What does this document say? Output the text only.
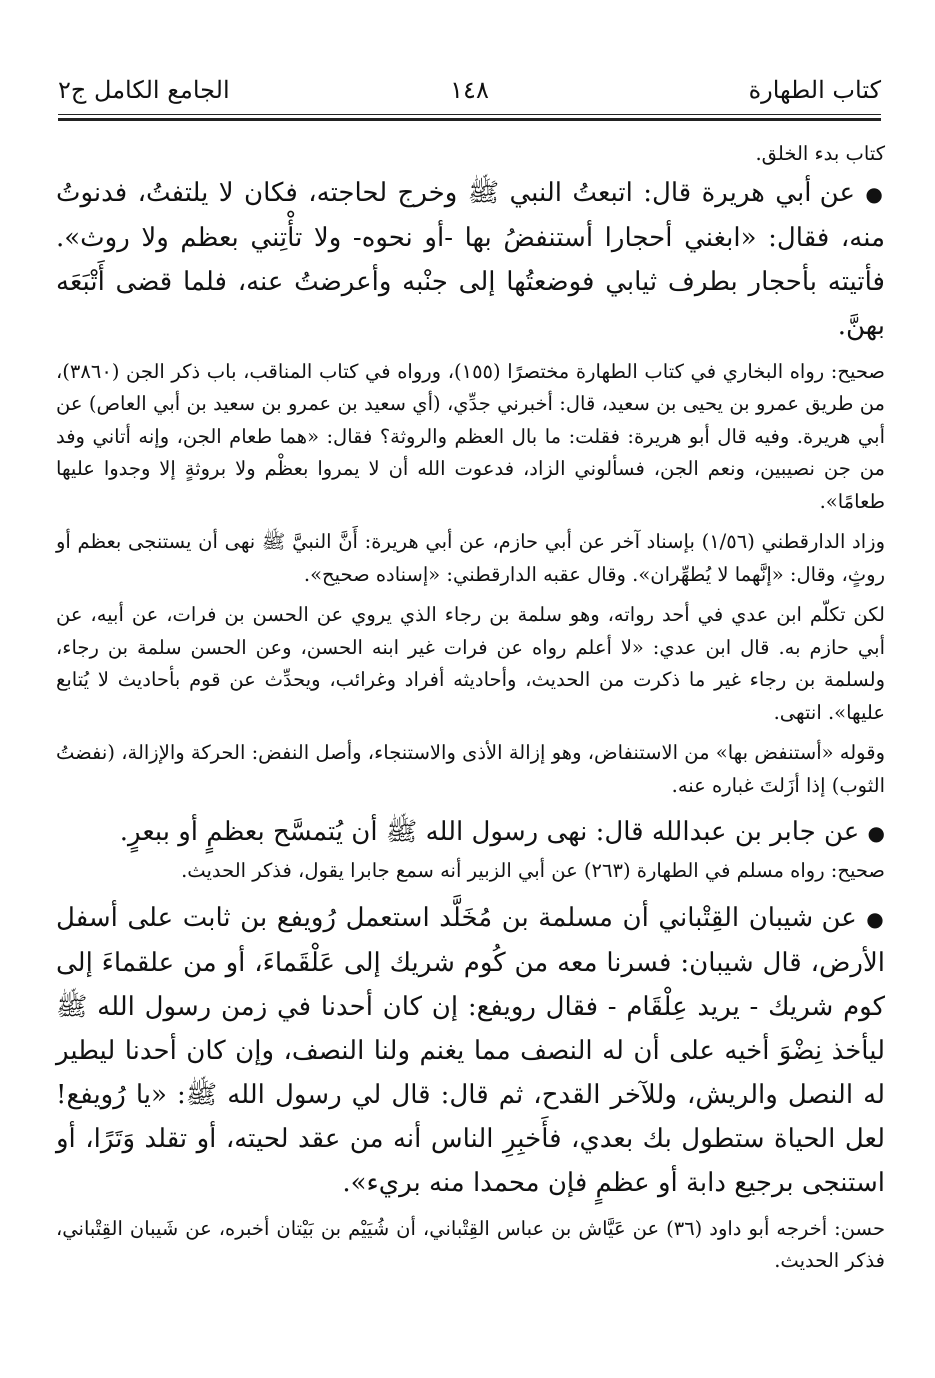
كتاب الطهارة
١٤٨
الجامع الكامل ج٢

كتاب بدء الخلق.

● عن أبي هريرة قال: اتبعتُ النبي ﷺ وخرج لحاجته، فكان لا يلتفتُ، فدنوتُ منه، فقال: «ابغني أحجارا أستنفضُ بها -أو نحوه- ولا تأْتِني بعظم ولا روث». فأتيته بأحجار بطرف ثيابي فوضعتُها إلى جنْبه وأعرضتُ عنه، فلما قضى أَتْبَعَه بهنَّ.

صحيح: رواه البخاري في كتاب الطهارة مختصرًا (١٥٥)، ورواه في كتاب المناقب، باب ذكر الجن (٣٨٦٠)، من طريق عمرو بن يحيى بن سعيد، قال: أخبرني جدِّي، (أي سعيد بن عمرو بن سعيد بن أبي العاص) عن أبي هريرة. وفيه قال أبو هريرة: فقلت: ما بال العظم والروثة؟ فقال: «هما طعام الجن، وإنه أتاني وفد من جن نصيبين، ونعم الجن، فسألوني الزاد، فدعوت الله أن لا يمروا بعظْم ولا بروثةٍ إلا وجدوا عليها طعامًا».

وزاد الدارقطني (١/٥٦) بإسناد آخر عن أبي حازم، عن أبي هريرة: أَنَّ النبيَّ ﷺ نهى أن يستنجى بعظم أو روثٍ، وقال: «إنَّهما لا يُطهِّران». وقال عقبه الدارقطني: «إسناده صحيح».

لكن تكلّم ابن عدي في أحد رواته، وهو سلمة بن رجاء الذي يروي عن الحسن بن فرات، عن أبيه، عن أبي حازم به. قال ابن عدي: «لا أعلم رواه عن فرات غير ابنه الحسن، وعن الحسن سلمة بن رجاء، ولسلمة بن رجاء غير ما ذكرت من الحديث، وأحاديثه أفراد وغرائب، ويحدِّث عن قوم بأحاديث لا يُتابع عليها». انتهى.

وقوله «أستنفض بها» من الاستنفاض، وهو إزالة الأذى والاستنجاء، وأصل النفض: الحركة والإزالة، (نفضتُ الثوب) إذا أزَلتَ غباره عنه.

● عن جابر بن عبدالله قال: نهى رسول الله ﷺ أن يُتمسَّح بعظمٍ أو ببعرٍ.

صحيح: رواه مسلم في الطهارة (٢٦٣) عن أبي الزبير أنه سمع جابرا يقول، فذكر الحديث.

● عن شيبان القِتْباني أن مسلمة بن مُخَلَّد استعمل رُويفع بن ثابت على أسفل الأرض، قال شيبان: فسرنا معه من كُوم شريك إلى عَلْقَماءَ، أو من علقماءَ إلى كوم شريك - يريد عِلْقَام - فقال رويفع: إن كان أحدنا في زمن رسول الله ﷺ ليأخذ نِضْوَ أخيه على أن له النصف مما يغنم ولنا النصف، وإن كان أحدنا ليطير له النصل والريش، وللآخر القدح، ثم قال: قال لي رسول الله ﷺ: «يا رُويفع! لعل الحياة ستطول بك بعدي، فأَخبِرِ الناس أنه من عقد لحيته، أو تقلد وَتَرًا، أو استنجى برجيع دابة أو عظمٍ فإن محمدا منه بريء».

حسن: أخرجه أبو داود (٣٦) عن عَيَّاش بن عباس القِتْباني، أن شُيَيْم بن بَيْتان أخبره، عن شَيبان القِتْباني، فذكر الحديث.
